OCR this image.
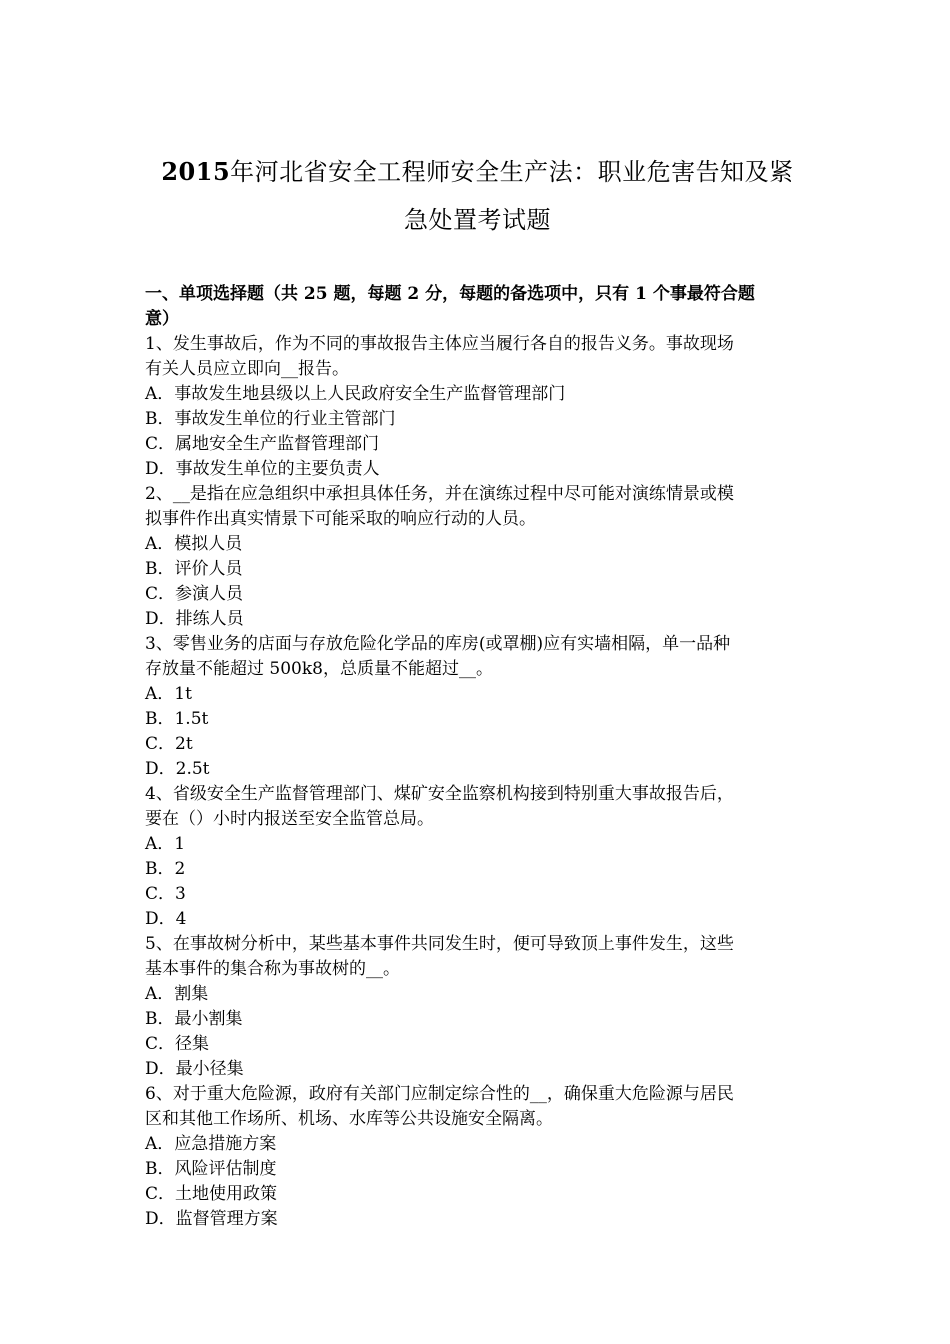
2015年河北省安全工程师安全生产法：职业危害告知及紧
急处置考试题
一、单项选择题（共 25 题，每题 2 分，每题的备选项中，只有 1 个事最符合题
意）
1、发生事故后，作为不同的事故报告主体应当履行各自的报告义务。事故现场
有关人员应立即向__报告。
A．事故发生地县级以上人民政府安全生产监督管理部门
B．事故发生单位的行业主管部门
C．属地安全生产监督管理部门
D．事故发生单位的主要负责人
2、__是指在应急组织中承担具体任务，并在演练过程中尽可能对演练情景或模
拟事件作出真实情景下可能采取的响应行动的人员。
A．模拟人员
B．评价人员
C．参演人员
D．排练人员
3、零售业务的店面与存放危险化学品的库房(或罩棚)应有实墙相隔，单一品种
存放量不能超过 500k8，总质量不能超过__。
A．1t
B．1.5t
C．2t
D．2.5t
4、省级安全生产监督管理部门、煤矿安全监察机构接到特别重大事故报告后，
要在（）小时内报送至安全监管总局。
A．1
B．2
C．3
D．4
5、在事故树分析中，某些基本事件共同发生时，便可导致顶上事件发生，这些
基本事件的集合称为事故树的__。
A．割集
B．最小割集
C．径集
D．最小径集
6、对于重大危险源，政府有关部门应制定综合性的__，确保重大危险源与居民
区和其他工作场所、机场、水库等公共设施安全隔离。
A．应急措施方案
B．风险评估制度
C．土地使用政策
D．监督管理方案
